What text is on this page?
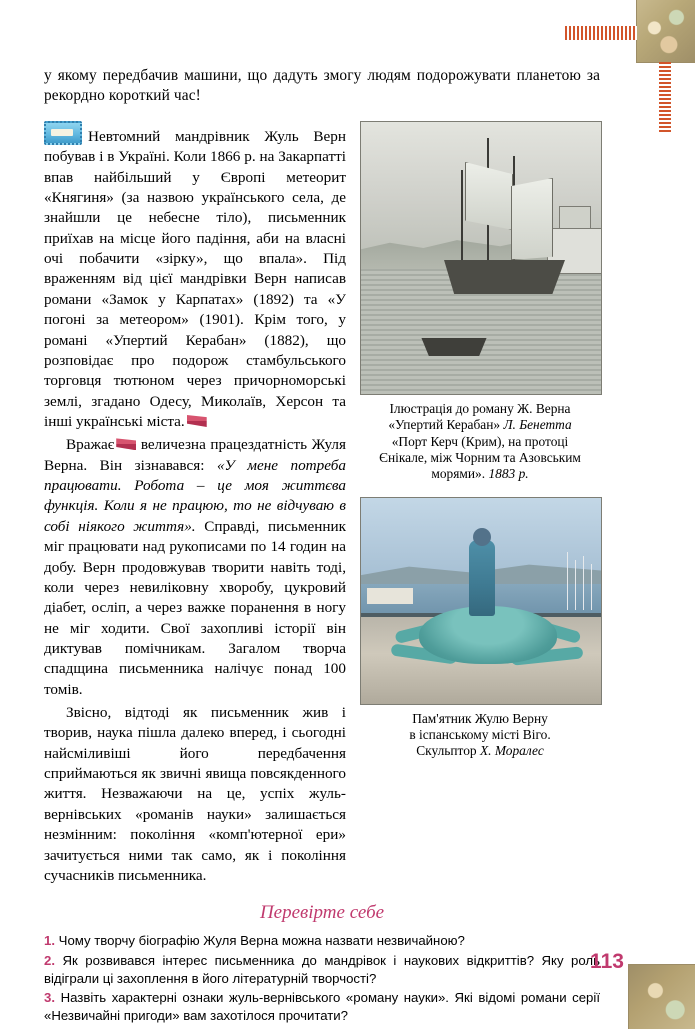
у якому передбачив машини, що дадуть змогу людям подорожувати планетою за рекордно короткий час!

Невтомний мандрівник Жуль Верн побував і в Україні. Коли 1866 р. на Закарпатті впав найбільший у Європі метеорит «Княгиня» (за назвою українського села, де знайшли це небесне тіло), письменник приїхав на місце його падіння, аби на власні очі побачити «зірку», що впала». Під враженням від цієї мандрівки Верн написав романи «Замок у Карпатах» (1892) та «У погоні за метеором» (1901). Крім того, у романі «Упертий Керабан» (1882), що розповідає про подорож стамбульського торговця тютюном через причорноморські землі, згадано Одесу, Миколаїв, Херсон та інші українські міста.

Вражає величезна працездатність Жуля Верна. Він зізнавався: «У мене потреба працювати. Робота – це моя життєва функція. Коли я не працюю, то не відчуваю в собі ніякого життя». Справді, письменник міг працювати над рукописами по 14 годин на добу. Верн продовжував творити навіть тоді, коли через невиліковну хворобу, цукровий діабет, осліп, а через важке поранення в ногу не міг ходити. Свої захопливі історії він диктував помічникам. Загалом творча спадщина письменника налічує понад 100 томів.

Звісно, відтоді як письменник жив і творив, наука пішла далеко вперед, і сьогодні найсміливіші його передбачення сприймаються як звичні явища повсякденного життя. Незважаючи на це, успіх жуль-вернівських «романів науки» залишається незмінним: покоління «комп'ютерної ери» зачитується ними так само, як і покоління сучасників письменника.

Ілюстрація до роману Ж. Верна
«Упертий Керабан» Л. Бенетта
«Порт Керч (Крим), на протоці
Єнікале, між Чорним та Азовським
морями». 1883 р.
Пам'ятник Жулю Верну
в іспанському місті Віго.
Скульптор Х. Моралес
Перевірте себе
1. Чому творчу біографію Жуля Верна можна назвати незвичайною?
2. Як розвивався інтерес письменника до мандрівок і наукових відкриттів? Яку роль відіграли ці захоплення в його літературній творчості?
3. Назвіть характерні ознаки жуль-вернівського «роману науки». Які відомі романи серії «Незвичайні пригоди» вам захотілося прочитати?
113
